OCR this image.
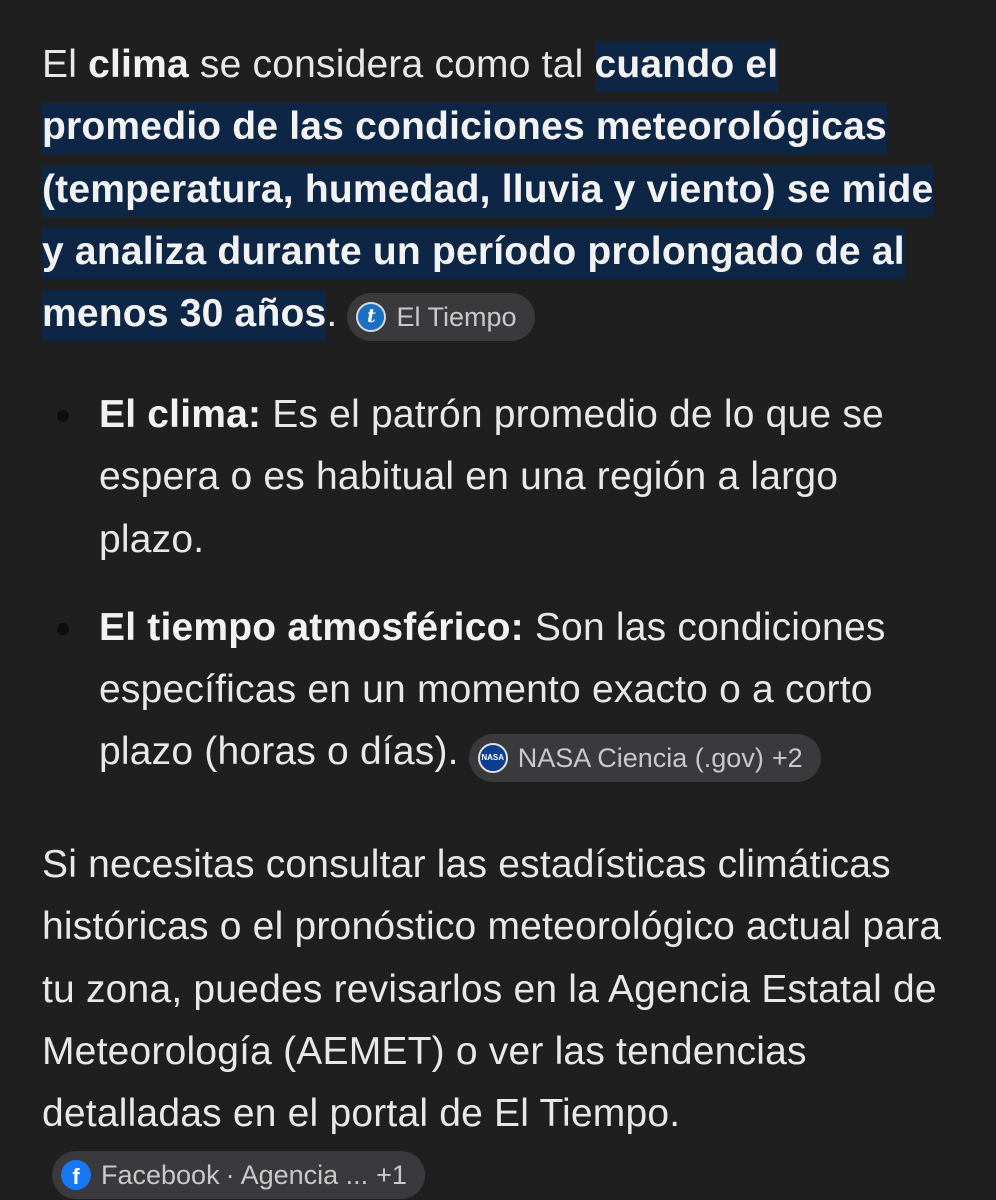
El clima se considera como tal cuando el promedio de las condiciones meteorológicas (temperatura, humedad, lluvia y viento) se mide y analiza durante un período prolongado de al menos 30 años. t El Tiempo

El clima: Es el patrón promedio de lo que se espera o es habitual en una región a largo plazo.
El tiempo atmosférico: Son las condiciones específicas en un momento exacto o a corto plazo (horas o días).	NASA NASA Ciencia (.gov) +2

Si necesitas consultar las estadísticas climáticas históricas o el pronóstico meteorológico actual para tu zona, puedes revisarlos en la Agencia Estatal de Meteorología (AEMET) o ver las tendencias detalladas en el portal de El Tiempo.
f Facebook · Agencia ... +1
